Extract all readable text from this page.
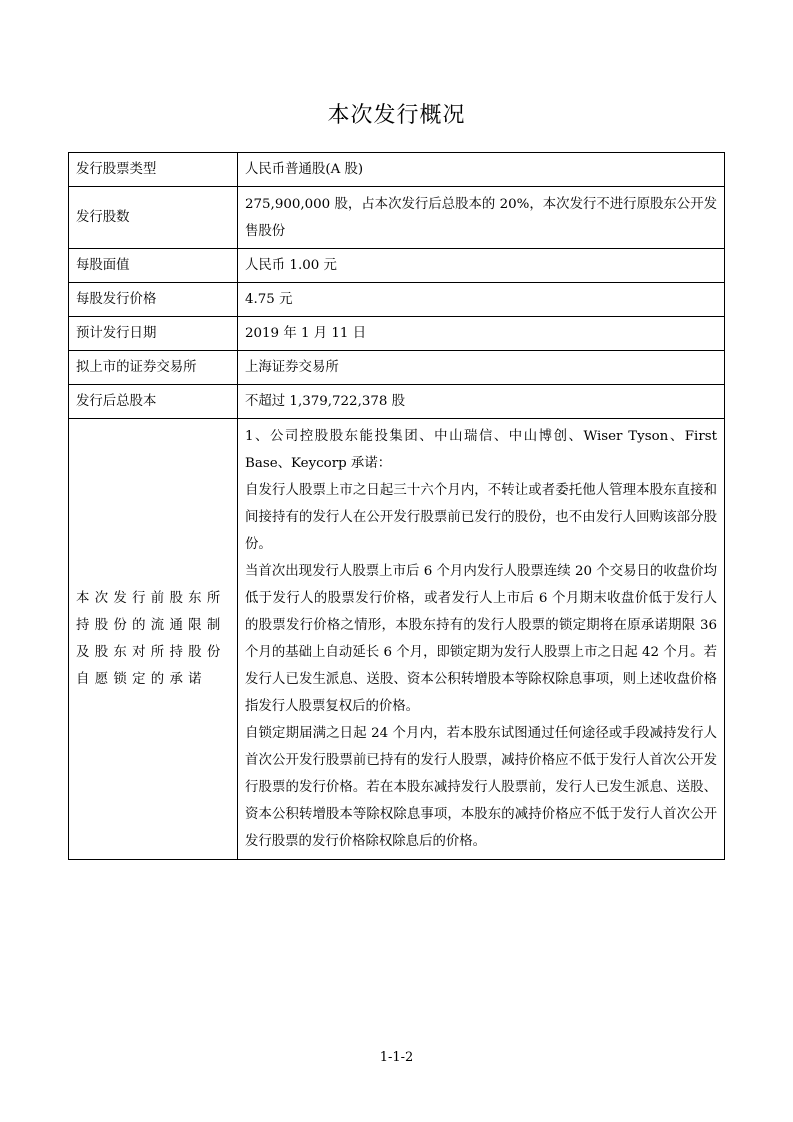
本次发行概况
发行股票类型	人民币普通股(A 股)
发行股数	275,900,000 股，占本次发行后总股本的 20%，本次发行不进行原股东公开发售股份
每股面值	人民币 1.00 元
每股发行价格	4.75 元
预计发行日期	2019 年 1 月 11 日
拟上市的证券交易所	上海证券交易所
发行后总股本	不超过 1,379,722,378 股
本次发行前股东所持股份的流通限制及股东对所持股份自愿锁定的承诺	1、公司控股股东能投集团、中山瑞信、中山博创、Wiser Tyson、First Base、Keycorp 承诺：

自发行人股票上市之日起三十六个月内，不转让或者委托他人管理本股东直接和间接持有的发行人在公开发行股票前已发行的股份，也不由发行人回购该部分股份。

当首次出现发行人股票上市后 6 个月内发行人股票连续 20 个交易日的收盘价均低于发行人的股票发行价格，或者发行人上市后 6 个月期末收盘价低于发行人的股票发行价格之情形，本股东持有的发行人股票的锁定期将在原承诺期限 36 个月的基础上自动延长 6 个月，即锁定期为发行人股票上市之日起 42 个月。若发行人已发生派息、送股、资本公积转增股本等除权除息事项，则上述收盘价格指发行人股票复权后的价格。

自锁定期届满之日起 24 个月内，若本股东试图通过任何途径或手段减持发行人首次公开发行股票前已持有的发行人股票，减持价格应不低于发行人首次公开发行股票的发行价格。若在本股东减持发行人股票前，发行人已发生派息、送股、资本公积转增股本等除权除息事项，本股东的减持价格应不低于发行人首次公开发行股票的发行价格除权除息后的价格。

1-1-2
